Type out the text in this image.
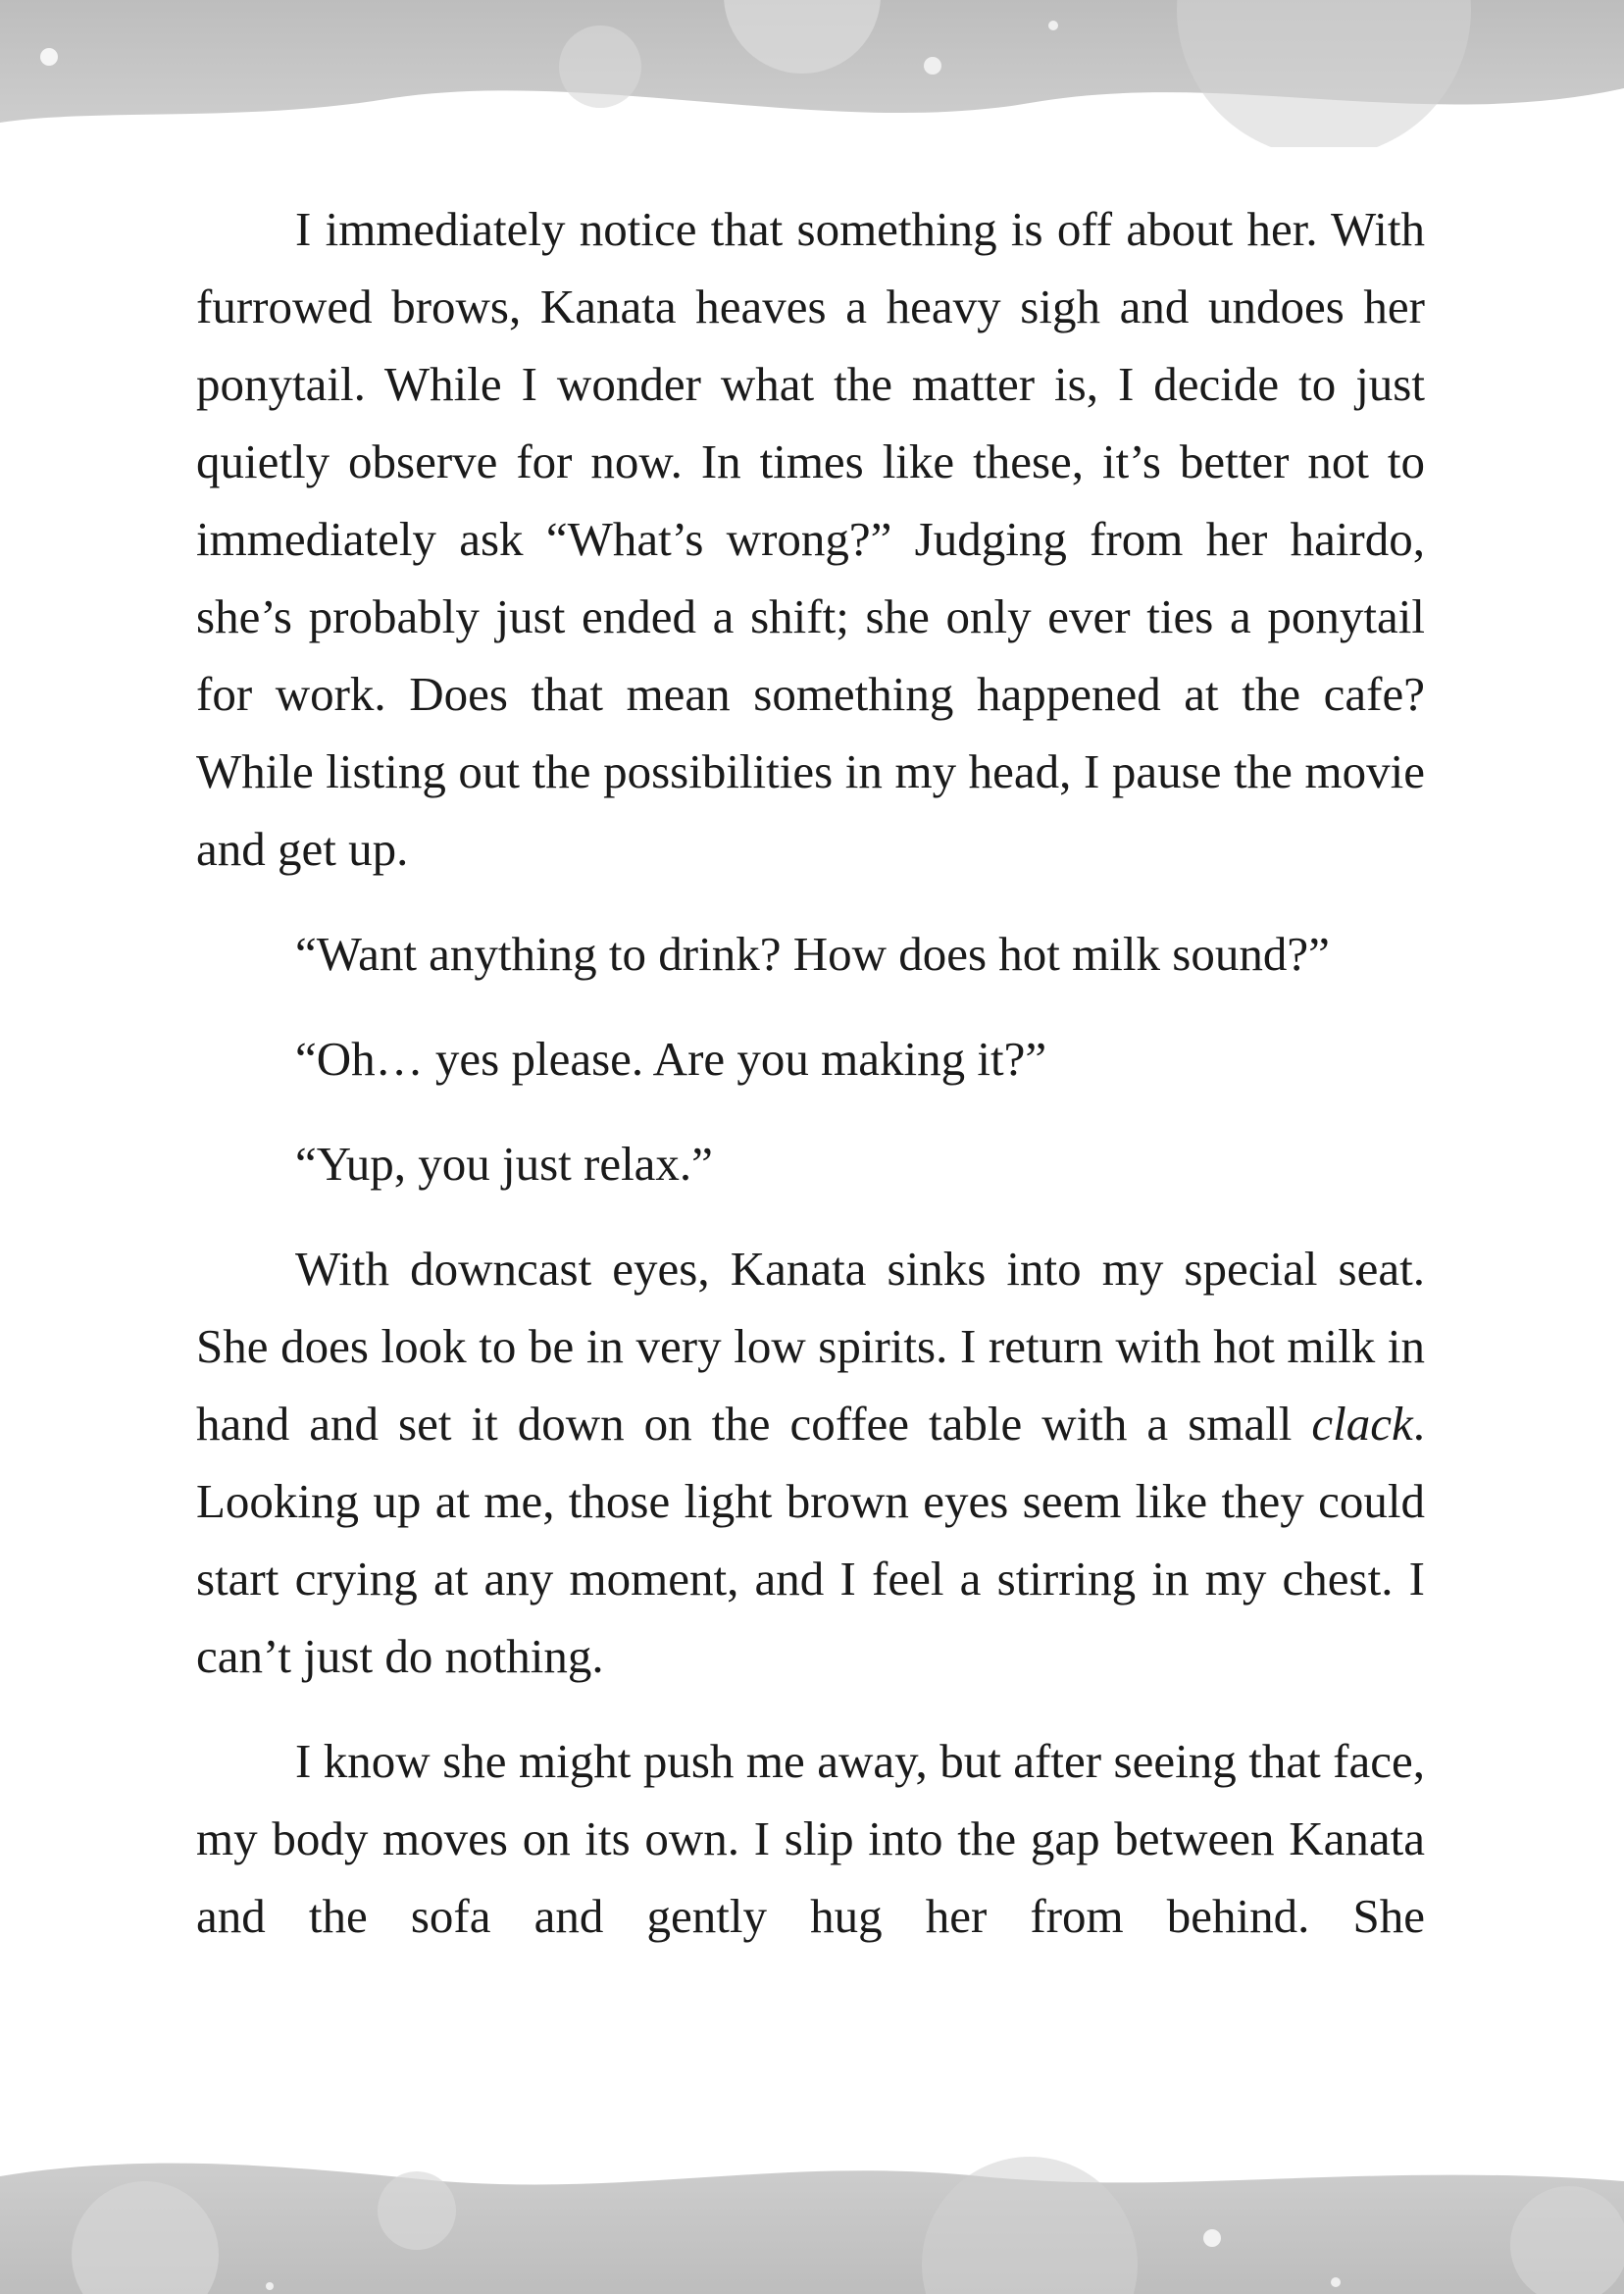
I immediately notice that something is off about her. With furrowed brows, Kanata heaves a heavy sigh and undoes her ponytail. While I wonder what the matter is, I decide to just quietly observe for now. In times like these, it’s better not to immediately ask “What’s wrong?” Judging from her hairdo, she’s probably just ended a shift; she only ever ties a ponytail for work. Does that mean something happened at the cafe? While listing out the possibilities in my head, I pause the movie and get up.

“Want anything to drink? How does hot milk sound?”

“Oh… yes please. Are you making it?”

“Yup, you just relax.”

With downcast eyes, Kanata sinks into my special seat. She does look to be in very low spirits. I return with hot milk in hand and set it down on the coffee table with a small clack. Looking up at me, those light brown eyes seem like they could start crying at any moment, and I feel a stirring in my chest. I can’t just do nothing.

I know she might push me away, but after seeing that face, my body moves on its own. I slip into the gap between Kanata and the sofa and gently hug her from behind. She
